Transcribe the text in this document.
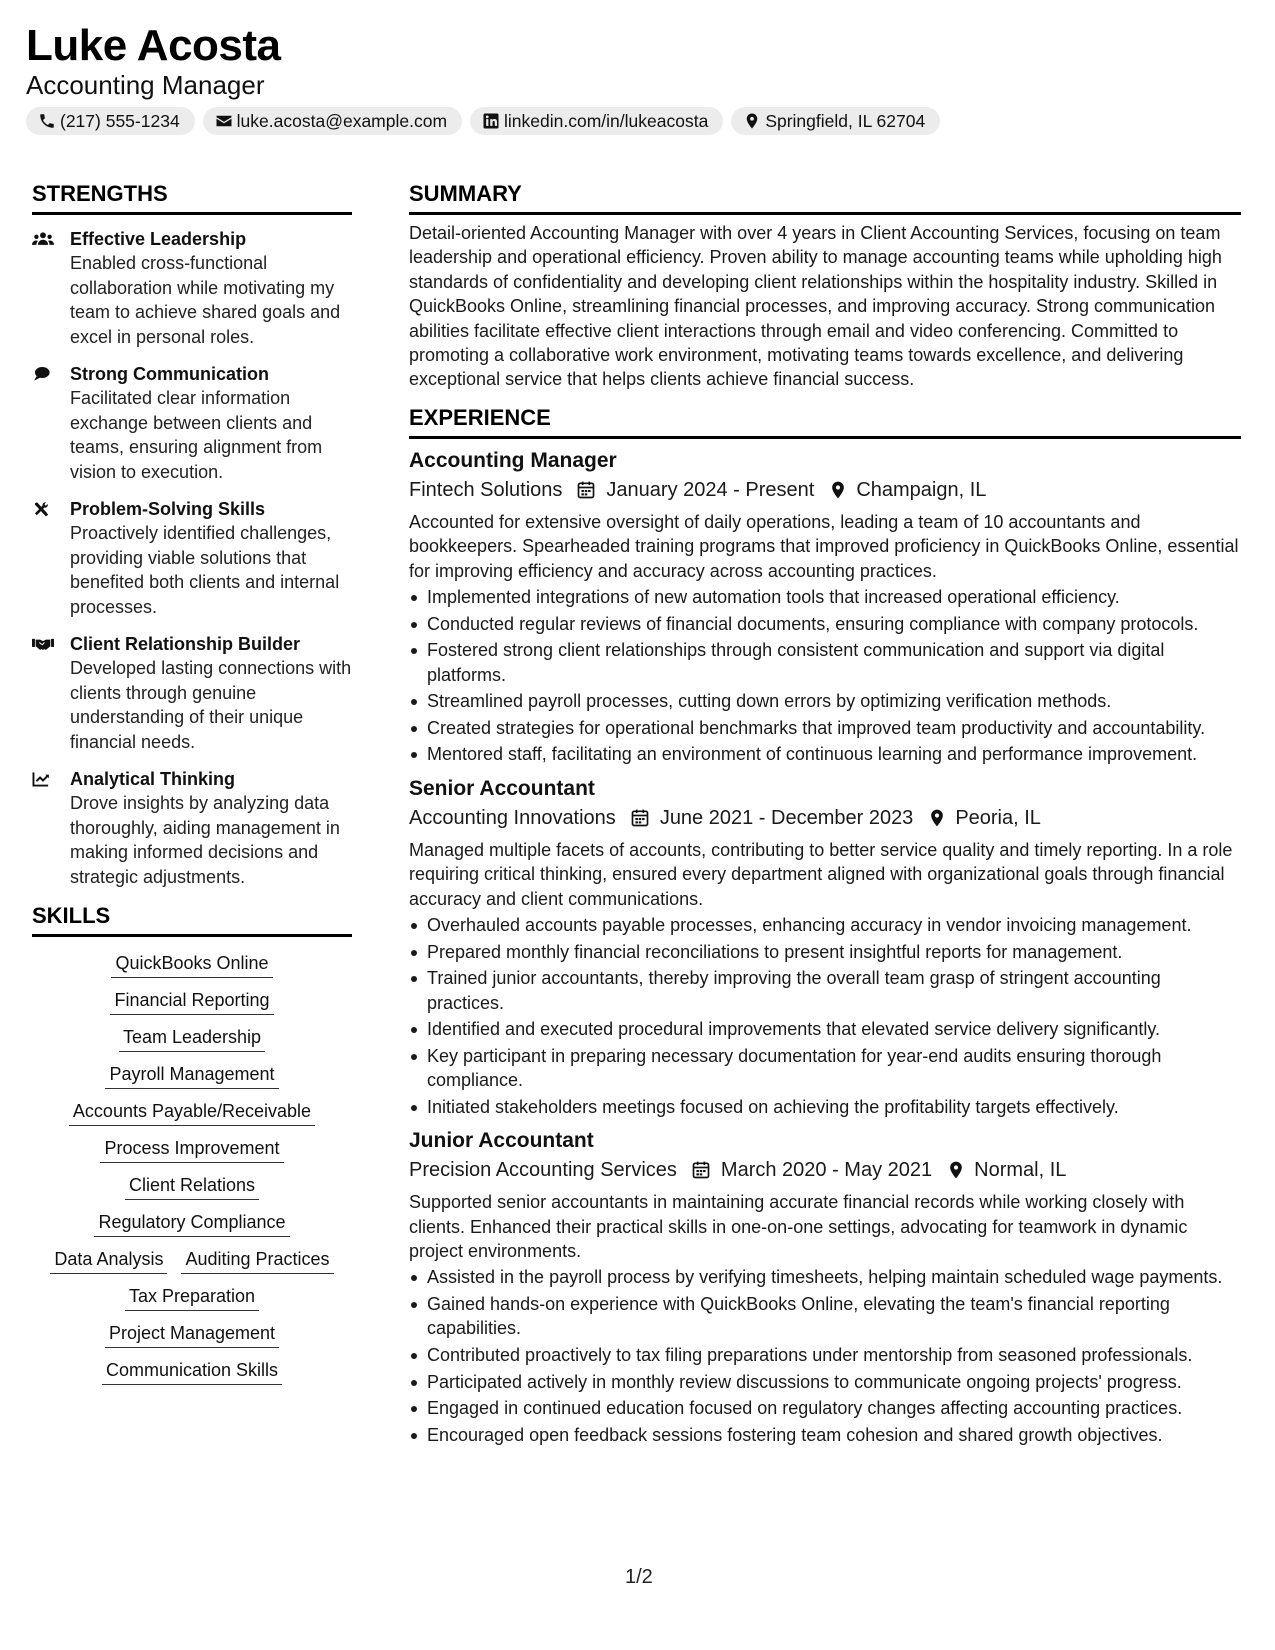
Luke Acosta
Accounting Manager
(217) 555-1234	luke.acosta@example.com	linkedin.com/in/lukeacosta	Springfield, IL 62704
STRENGTHS
Effective Leadership
Enabled cross-functional collaboration while motivating my team to achieve shared goals and excel in personal roles.
Strong Communication
Facilitated clear information exchange between clients and teams, ensuring alignment from vision to execution.
Problem-Solving Skills
Proactively identified challenges, providing viable solutions that benefited both clients and internal processes.
Client Relationship Builder
Developed lasting connections with clients through genuine understanding of their unique financial needs.
Analytical Thinking
Drove insights by analyzing data thoroughly, aiding management in making informed decisions and strategic adjustments.
SKILLS
QuickBooks Online
Financial Reporting
Team Leadership
Payroll Management
Accounts Payable/Receivable
Process Improvement
Client Relations
Regulatory Compliance
Data Analysis Auditing Practices
Tax Preparation
Project Management
Communication Skills
SUMMARY
Detail-oriented Accounting Manager with over 4 years in Client Accounting Services, focusing on team leadership and operational efficiency. Proven ability to manage accounting teams while upholding high standards of confidentiality and developing client relationships within the hospitality industry. Skilled in QuickBooks Online, streamlining financial processes, and improving accuracy. Strong communication abilities facilitate effective client interactions through email and video conferencing. Committed to promoting a collaborative work environment, motivating teams towards excellence, and delivering exceptional service that helps clients achieve financial success.
EXPERIENCE
Accounting Manager
Fintech Solutions January 2024 - Present Champaign, IL
Accounted for extensive oversight of daily operations, leading a team of 10 accountants and bookkeepers. Spearheaded training programs that improved proficiency in QuickBooks Online, essential for improving efficiency and accuracy across accounting practices.
Implemented integrations of new automation tools that increased operational efficiency.
Conducted regular reviews of financial documents, ensuring compliance with company protocols.
Fostered strong client relationships through consistent communication and support via digital platforms.
Streamlined payroll processes, cutting down errors by optimizing verification methods.
Created strategies for operational benchmarks that improved team productivity and accountability.
Mentored staff, facilitating an environment of continuous learning and performance improvement.
Senior Accountant
Accounting Innovations June 2021 - December 2023 Peoria, IL
Managed multiple facets of accounts, contributing to better service quality and timely reporting. In a role requiring critical thinking, ensured every department aligned with organizational goals through financial accuracy and client communications.
Overhauled accounts payable processes, enhancing accuracy in vendor invoicing management.
Prepared monthly financial reconciliations to present insightful reports for management.
Trained junior accountants, thereby improving the overall team grasp of stringent accounting practices.
Identified and executed procedural improvements that elevated service delivery significantly.
Key participant in preparing necessary documentation for year-end audits ensuring thorough compliance.
Initiated stakeholders meetings focused on achieving the profitability targets effectively.
Junior Accountant
Precision Accounting Services March 2020 - May 2021 Normal, IL
Supported senior accountants in maintaining accurate financial records while working closely with clients. Enhanced their practical skills in one-on-one settings, advocating for teamwork in dynamic project environments.
Assisted in the payroll process by verifying timesheets, helping maintain scheduled wage payments.
Gained hands-on experience with QuickBooks Online, elevating the team's financial reporting capabilities.
Contributed proactively to tax filing preparations under mentorship from seasoned professionals.
Participated actively in monthly review discussions to communicate ongoing projects' progress.
Engaged in continued education focused on regulatory changes affecting accounting practices.
Encouraged open feedback sessions fostering team cohesion and shared growth objectives.
1/2
